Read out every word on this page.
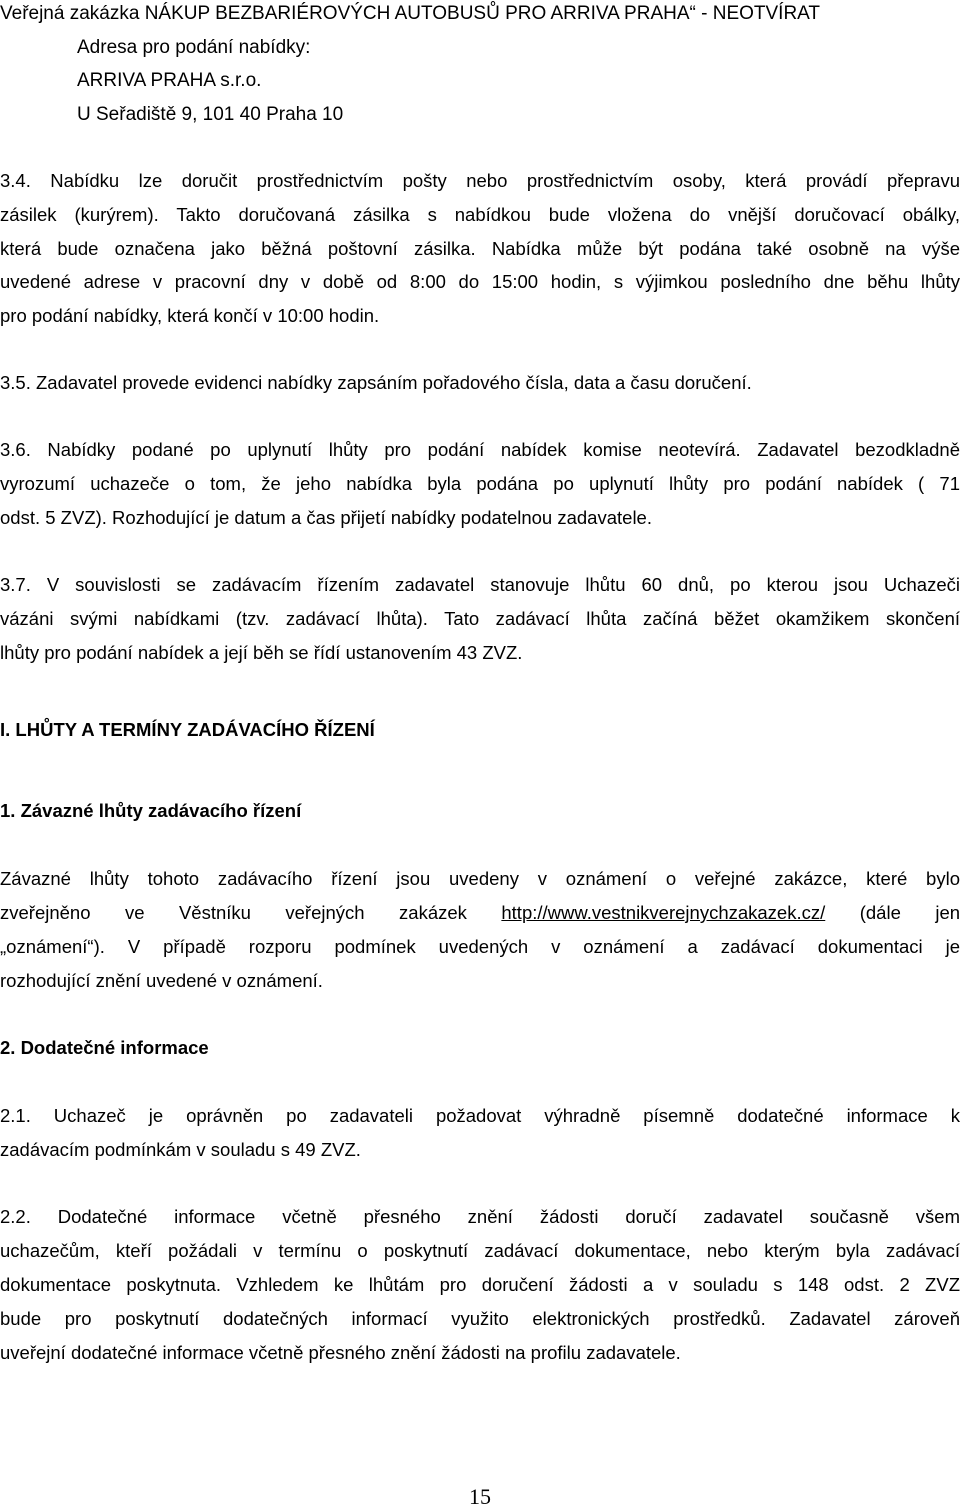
Veřejná zakázka NÁKUP BEZBARIÉROVÝCH AUTOBUSŮ PRO ARRIVA PRAHA“ - NEOTVÍRAT
Adresa pro podání nabídky:
ARRIVA PRAHA s.r.o.
U Seřadiště 9, 101 40 Praha 10
3.4. Nabídku lze doručit prostřednictvím pošty nebo prostřednictvím osoby, která provádí přepravu
zásilek (kurýrem). Takto doručovaná zásilka s nabídkou bude vložena do vnější doručovací obálky,
která bude označena jako běžná poštovní zásilka. Nabídka může být podána také osobně na výše
uvedené adrese v pracovní dny v době od 8:00 do 15:00 hodin, s výjimkou posledního dne běhu lhůty
pro podání nabídky, která končí v 10:00 hodin.
3.5. Zadavatel provede evidenci nabídky zapsáním pořadového čísla, data a času doručení.
3.6. Nabídky podané po uplynutí lhůty pro podání nabídek komise neotevírá. Zadavatel bezodkladně
vyrozumí uchazeče o tom, že jeho nabídka byla podána po uplynutí lhůty pro podání nabídek ( 71
odst. 5 ZVZ). Rozhodující je datum a čas přijetí nabídky podatelnou zadavatele.
3.7. V souvislosti se zadávacím řízením zadavatel stanovuje lhůtu 60 dnů, po kterou jsou Uchazeči
vázáni svými nabídkami (tzv. zadávací lhůta). Tato zadávací lhůta začíná běžet okamžikem skončení
lhůty pro podání nabídek a její běh se řídí ustanovením 43 ZVZ.
I. LHŮTY A TERMÍNY ZADÁVACÍHO ŘÍZENÍ
1. Závazné lhůty zadávacího řízení
Závazné lhůty tohoto zadávacího řízení jsou uvedeny v oznámení o veřejné zakázce, které bylo
zveřejněno ve Věstníku veřejných zakázek http://www.vestnikverejnychzakazek.cz/ (dále jen
„oznámení“). V případě rozporu podmínek uvedených v oznámení a zadávací dokumentaci je
rozhodující znění uvedené v oznámení.
2. Dodatečné informace
2.1. Uchazeč je oprávněn po zadavateli požadovat výhradně písemně dodatečné informace k
zadávacím podmínkám v souladu s 49 ZVZ.
2.2. Dodatečné informace včetně přesného znění žádosti doručí zadavatel současně všem
uchazečům, kteří požádali v termínu o poskytnutí zadávací dokumentace, nebo kterým byla zadávací
dokumentace poskytnuta. Vzhledem ke lhůtám pro doručení žádosti a v souladu s 148 odst. 2 ZVZ
bude pro poskytnutí dodatečných informací využito elektronických prostředků. Zadavatel zároveň
uveřejní dodatečné informace včetně přesného znění žádosti na profilu zadavatele.
15
